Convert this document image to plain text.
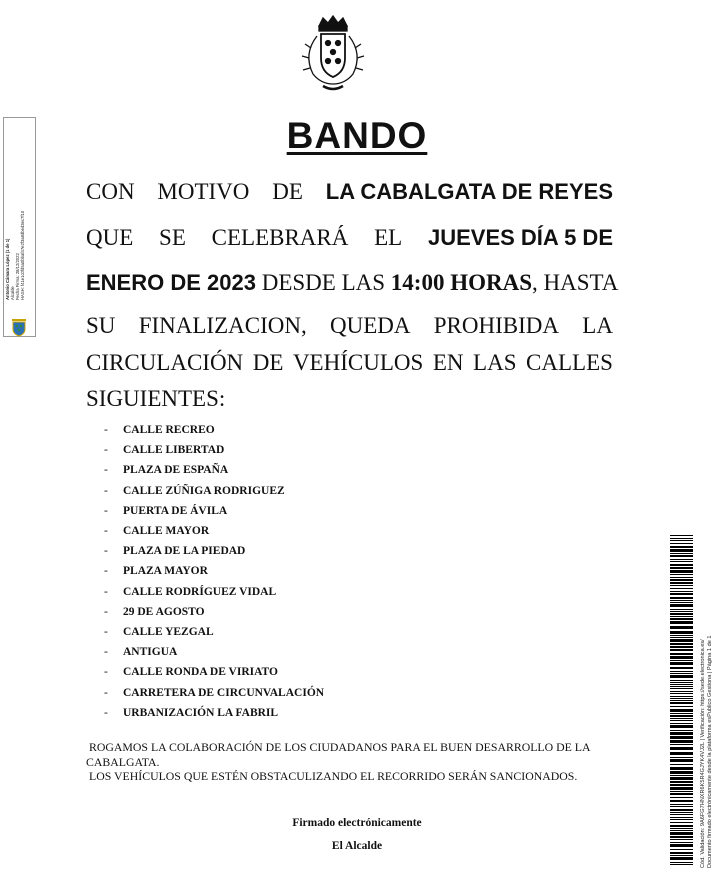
BANDO
CON MOTIVO DE LA CABALGATA DE REYES
QUE SE CELEBRARÁ EL JUEVES DÍA 5 DE
ENERO DE 2023 DESDE LAS 14:00 HORAS , HASTA
SU FINALIZACION, QUEDA PROHIBIDA LA
CIRCULACIÓN DE VEHÍCULOS EN LAS CALLES
SIGUIENTES:
-	CALLE RECREO
-	CALLE LIBERTAD
-	PLAZA DE ESPAÑA
-	CALLE ZÚÑIGA RODRIGUEZ
-	PUERTA DE ÁVILA
-	CALLE MAYOR
-	PLAZA DE LA PIEDAD
-	PLAZA MAYOR
-	CALLE RODRÍGUEZ VIDAL
-	29 DE AGOSTO
-	CALLE YEZGAL
-	ANTIGUA
-	CALLE RONDA DE VIRIATO
-	CARRETERA DE CIRCUNVALACIÓN
-	URBANIZACIÓN LA FABRIL
ROGAMOS LA COLABORACIÓN DE LOS CIUDADANOS PARA EL BUEN DESARROLLO DE LA CABALGATA.
LOS VEHÍCULOS QUE ESTÉN OBSTACULIZANDO EL RECORRIDO SERÁN SANCIONADOS.
Firmado electrónicamente
El Alcalde
Antonio Cámara López (1 de 1) Alcalde Fecha Firma: 28/12/2022 HASH: f41e1c0fd5a0bbaf47e2f3a8dbed3ec7f10
Cód. Validación: 9A6FG7HNXR6K5R4GJYK4VJ2L | Verificación: https://sede.electronica.es/ Documento firmado electrónicamente desde la plataforma esPublico Gestiona | Página 1 de 1
